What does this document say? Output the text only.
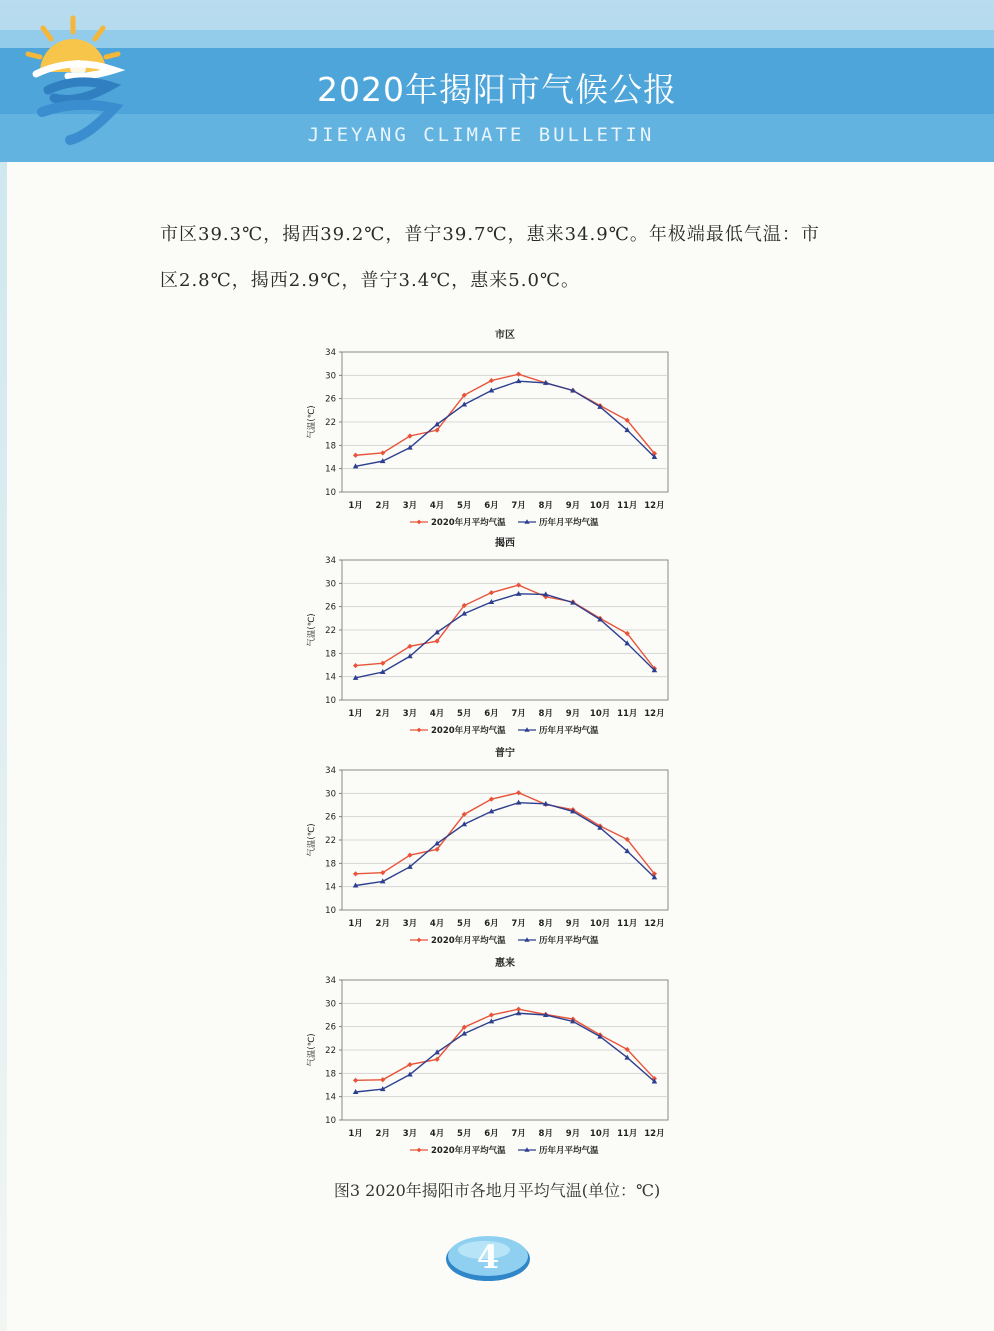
2020年揭阳市气候公报
JIEYANG CLIMATE BULLETIN

市区39.3℃，揭西39.2℃，普宁39.7℃，惠来34.9℃。年极端最低气温：市

区2.8℃，揭西2.9℃，普宁3.4℃，惠来5.0℃。

市区
10
14
18
22
26
30
34
1月 2月 3月 4月 5月 6月 7月 8月 9月 10月 11月 12月
气温(℃)
2020年月平均气温	历年月平均气温
揭西
10
14
18
22
26
30
34
1月 2月 3月 4月 5月 6月 7月 8月 9月 10月 11月 12月
气温(℃)
2020年月平均气温	历年月平均气温
普宁
10
14
18
22
26
30
34
1月 2月 3月 4月 5月 6月 7月 8月 9月 10月 11月 12月
气温(℃)
2020年月平均气温	历年月平均气温
惠来
10
14
18
22
26
30
34
1月 2月 3月 4月 5月 6月 7月 8月 9月 10月 11月 12月
气温(℃)
2020年月平均气温	历年月平均气温
图3 2020年揭阳市各地月平均气温(单位：℃)
4
